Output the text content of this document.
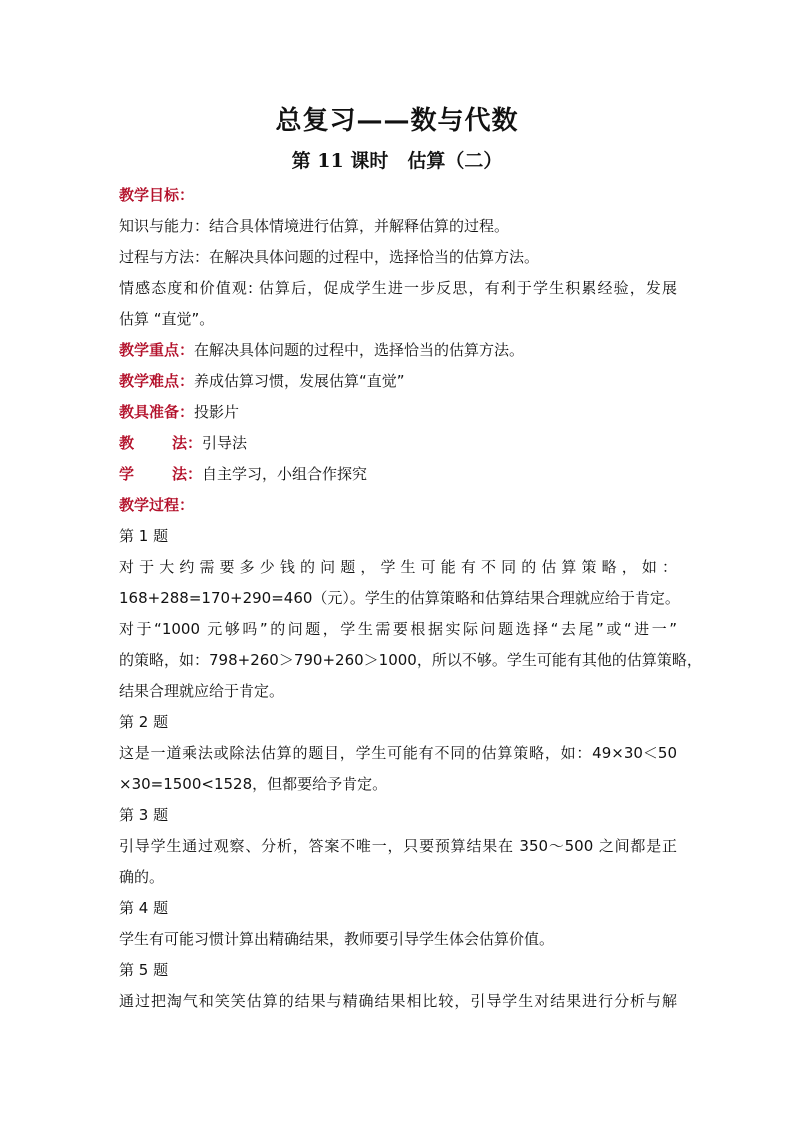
总复习——数与代数
第 11 课时　估算（二）

教学目标：

知识与能力：结合具体情境进行估算，并解释估算的过程。

过程与方法：在解决具体问题的过程中，选择恰当的估算方法。

情感态度和价值观: 估算后，促成学生进一步反思，有利于学生积累经验，发展

估算 “直觉”。

教学重点：在解决具体问题的过程中，选择恰当的估算方法。

教学难点：养成估算习惯，发展估算“直觉”

教具准备：投影片

教	法：引导法

学	法：自主学习，小组合作探究

教学过程：

第 1 题

对于大约需要多少钱的问题，学生可能有不同的估算策略，如：

168+288=170+290=460（元）。学生的估算策略和估算结果合理就应给于肯定。

对于“1000 元够吗”的问题，学生需要根据实际问题选择“去尾”或“进一”

的策略，如：798+260＞790+260＞1000，所以不够。学生可能有其他的估算策略，

结果合理就应给于肯定。

第 2 题

这是一道乘法或除法估算的题目，学生可能有不同的估算策略，如：49×30＜50

×30=1500<1528，但都要给予肯定。

第 3 题

引导学生通过观察、分析，答案不唯一，只要预算结果在 350～500 之间都是正

确的。

第 4 题

学生有可能习惯计算出精确结果，教师要引导学生体会估算价值。

第 5 题

通过把淘气和笑笑估算的结果与精确结果相比较，引导学生对结果进行分析与解
